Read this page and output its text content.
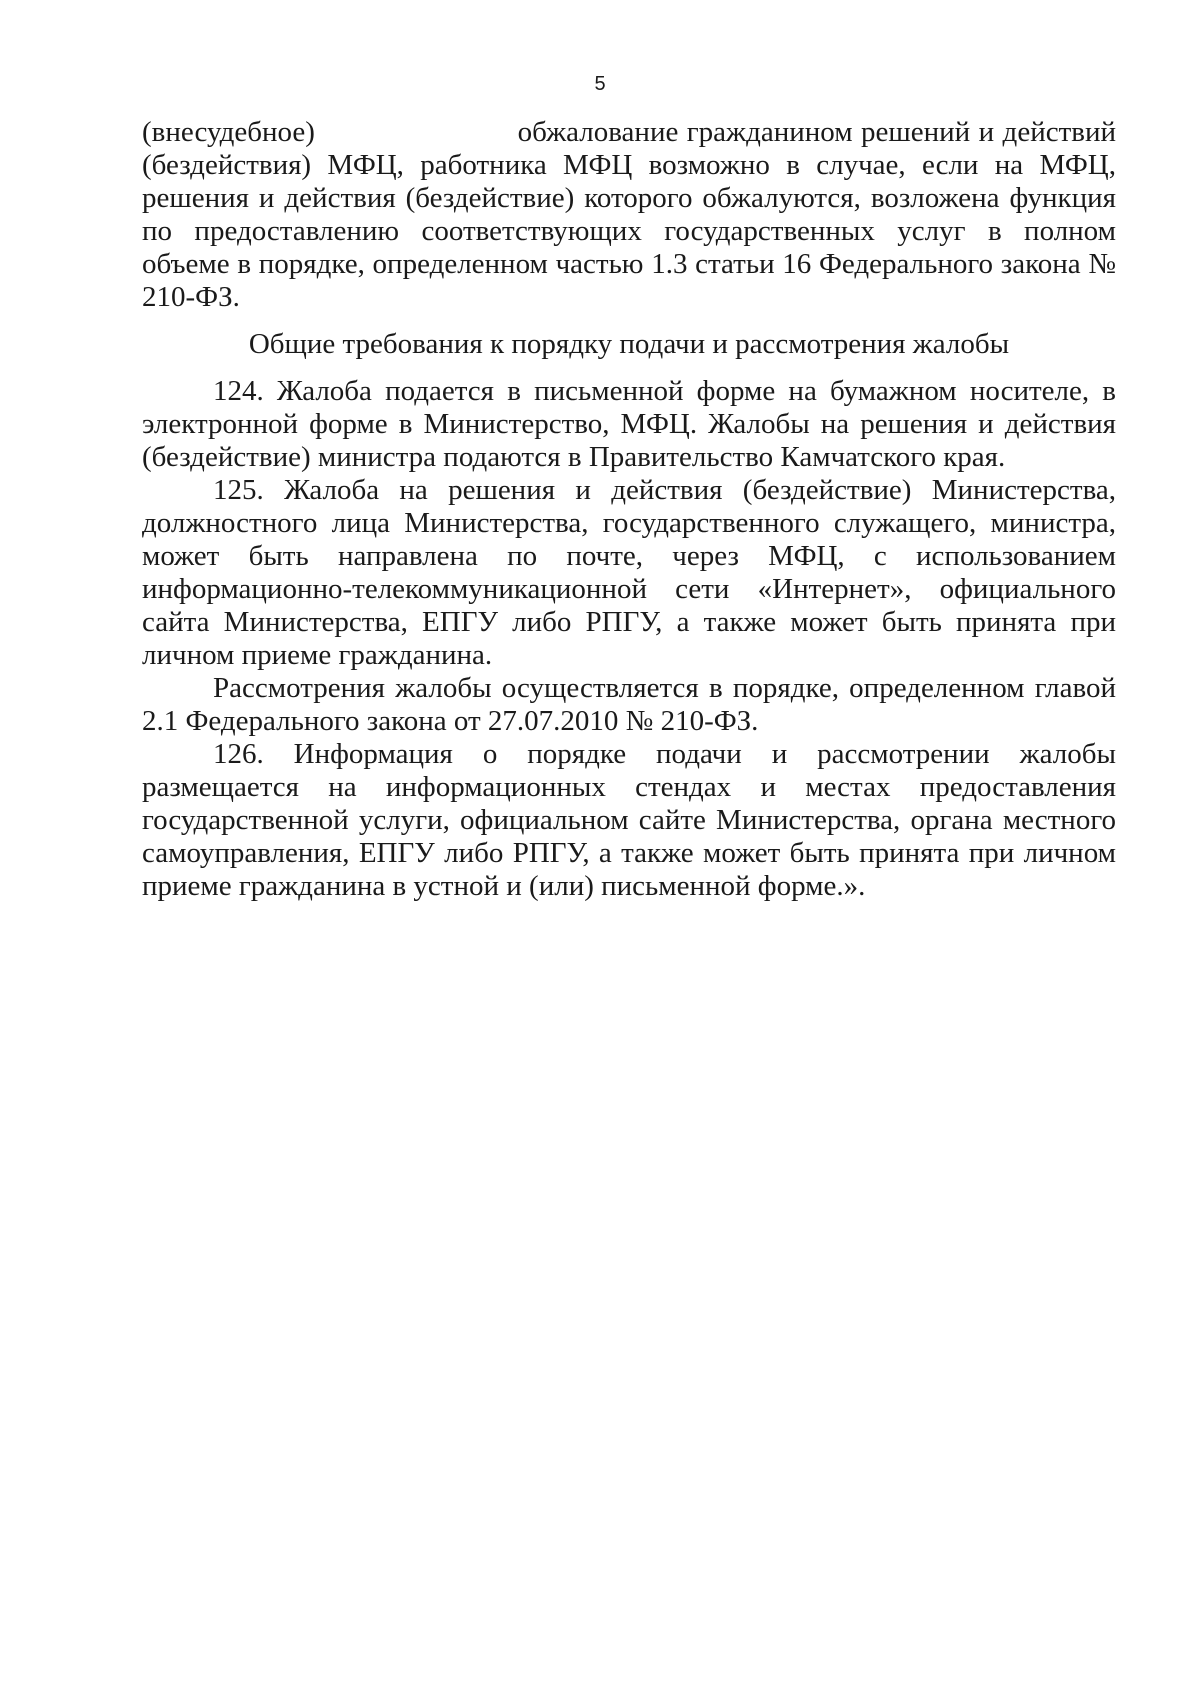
5

(внесудебное)                        обжалование гражданином решений и действий (бездействия) МФЦ, работника МФЦ возможно в случае, если на МФЦ, решения и действия (бездействие) которого обжалуются, возложена функция по предоставлению соответствующих государственных услуг в полном объеме в порядке, определенном частью 1.3 статьи 16 Федерального закона № 210-ФЗ.

Общие требования к порядку подачи и рассмотрения жалобы

124. Жалоба подается в письменной форме на бумажном носителе, в электронной форме в Министерство, МФЦ. Жалобы на решения и действия (бездействие) министра подаются в Правительство Камчатского края.

125. Жалоба на решения и действия (бездействие) Министерства, должностного лица Министерства, государственного служащего, министра, может быть направлена по почте, через МФЦ, с использованием информационно-телекоммуникационной сети «Интернет», официального сайта Министерства, ЕПГУ либо РПГУ, а также может быть принята при личном приеме гражданина.

Рассмотрения жалобы осуществляется в порядке, определенном главой 2.1 Федерального закона от 27.07.2010 № 210-ФЗ.

126. Информация о порядке подачи и рассмотрении жалобы размещается на информационных стендах и местах предоставления государственной услуги, официальном сайте Министерства, органа местного самоуправления, ЕПГУ либо РПГУ, а также может быть принята при личном приеме гражданина в устной и (или) письменной форме.».
